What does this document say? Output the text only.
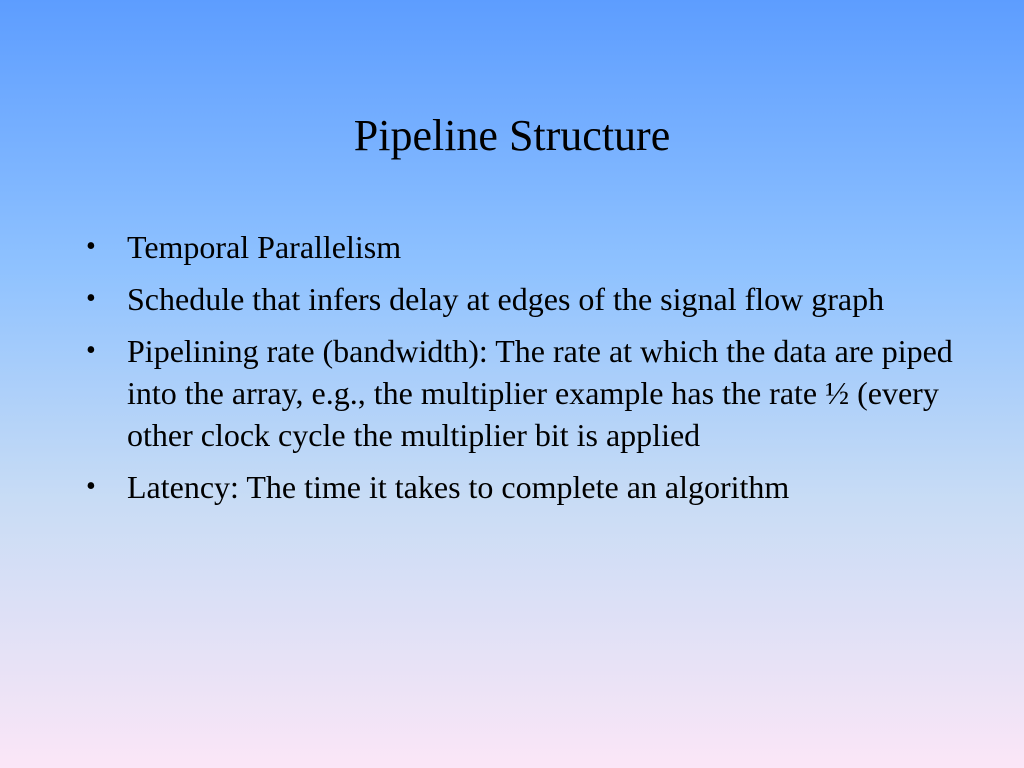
Pipeline Structure
• Temporal Parallelism
• Schedule that infers delay at edges of the signal flow graph
• Pipelining rate (bandwidth): The rate at which the data are piped into the array, e.g., the multiplier example has the rate ½ (every other clock cycle the multiplier bit is applied
• Latency: The time it takes to complete an algorithm
